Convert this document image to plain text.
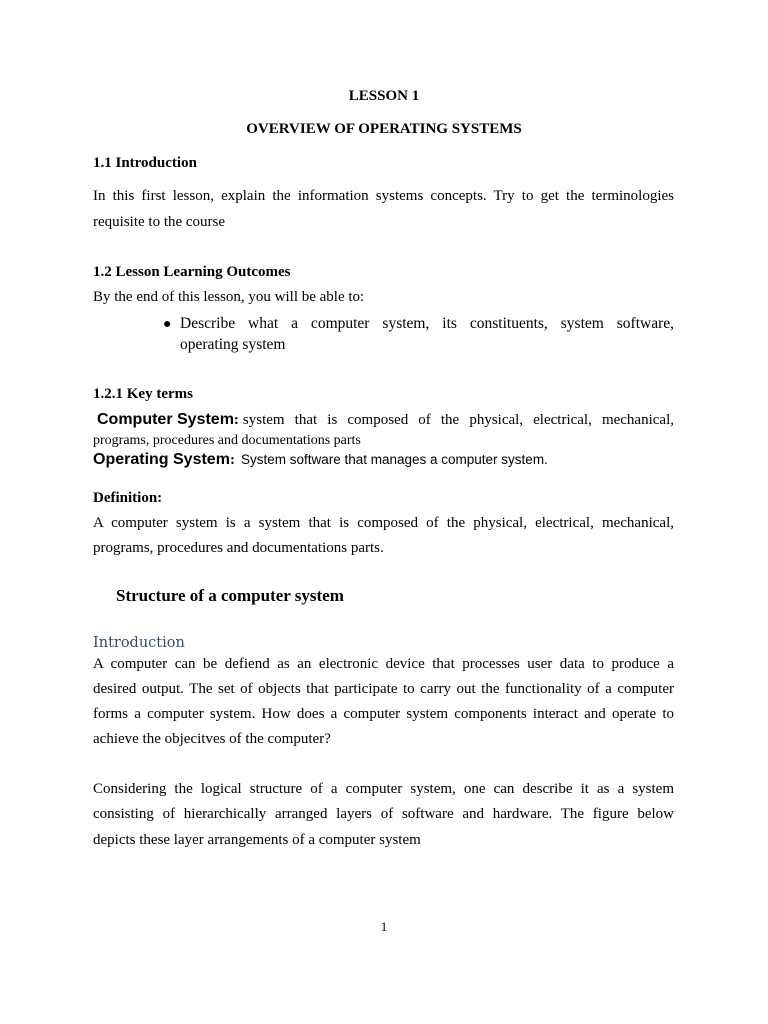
LESSON 1
OVERVIEW OF OPERATING SYSTEMS
1.1 Introduction
In this first lesson, explain the information systems concepts. Try to get the terminologies
requisite to the course
1.2 Lesson Learning Outcomes
By the end of this lesson, you will be able to:
● Describe what a computer system, its constituents, system software,
operating system
1.2.1 Key terms
Computer System : system that is composed of the physical, electrical, mechanical,
programs, procedures and documentations parts
Operating System : System software that manages a computer system.
Definition:
A computer system is a system that is composed of the physical, electrical, mechanical,
programs, procedures and documentations parts.
Structure of a computer system
Introduction
A computer can be defiend as an electronic device that processes user data to produce a
desired output. The set of objects that participate to carry out the functionality of a computer
forms a computer system. How does a computer system components interact and operate to
achieve the objecitves of the computer?
Considering the logical structure of a computer system, one can describe it as a system
consisting of hierarchically arranged layers of software and hardware. The figure below
depicts these layer arrangements of a computer system
1
